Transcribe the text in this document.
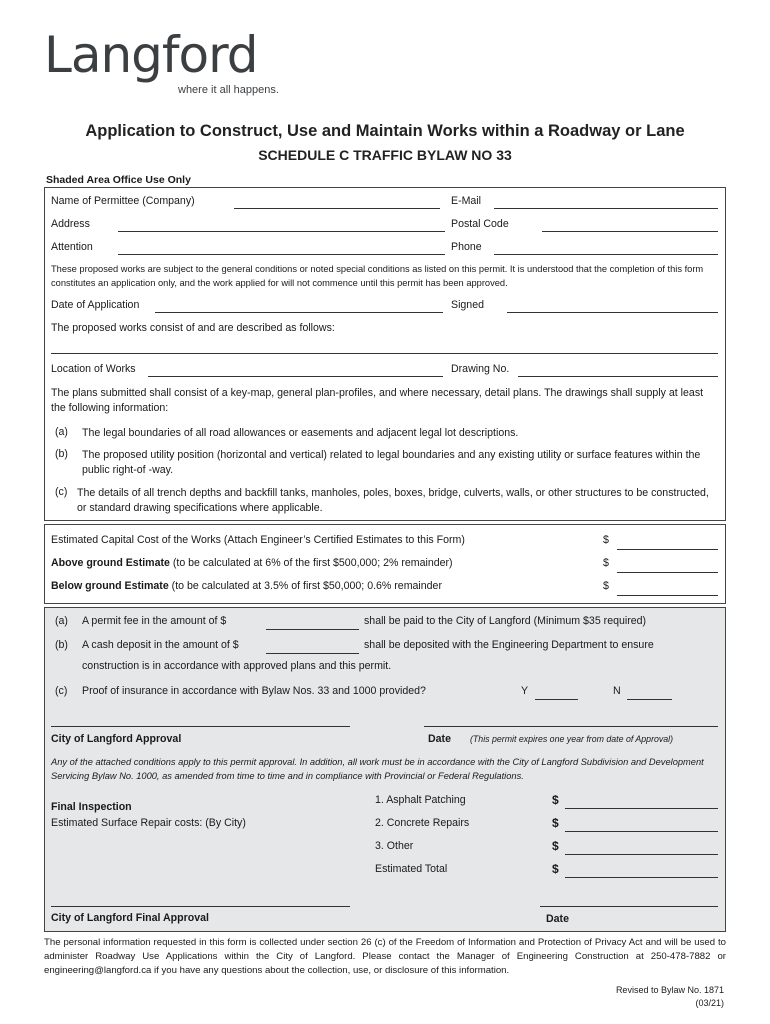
Langford
where it all happens.
Application to Construct, Use and Maintain Works within a Roadway or Lane
SCHEDULE C TRAFFIC BYLAW NO 33
Shaded Area Office Use Only
Name of Permittee (Company)	E-Mail
Address	Postal Code
Attention	Phone
These proposed works are subject to the general conditions or noted special conditions as listed on this permit. It is understood that the completion of this form constitutes an application only, and the work applied for will not commence until this permit has been approved.
Date of Application	Signed
The proposed works consist of and are described as follows:
Location of Works	Drawing No.
The plans submitted shall consist of a key-map, general plan-profiles, and where necessary, detail plans. The drawings shall supply at least the following information:
(a) The legal boundaries of all road allowances or easements and adjacent legal lot descriptions.
(b) The proposed utility position (horizontal and vertical) related to legal boundaries and any existing utility or surface features within the public right-of -way.
(c) The details of all trench depths and backfill tanks, manholes, poles, boxes, bridge, culverts, walls, or other structures to be constructed, or standard drawing specifications where applicable.
Estimated Capital Cost of the Works (Attach Engineer’s Certified Estimates to this Form)	$
Above ground Estimate (to be calculated at 6% of the first $500,000; 2% remainder)	$
Below ground Estimate (to be calculated at 3.5% of first $50,000; 0.6% remainder	$
(a) A permit fee in the amount of $	shall be paid to the City of Langford (Minimum $35 required)
(b) A cash deposit in the amount of $	shall be deposited with the Engineering Department to ensure
construction is in accordance with approved plans and this permit.
(c) Proof of insurance in accordance with Bylaw Nos. 33 and 1000 provided?	Y	N
City of Langford Approval	Date (This permit expires one year from date of Approval)
Any of the attached conditions apply to this permit approval. In addition, all work must be in accordance with the City of Langford Subdivision and Development Servicing Bylaw No. 1000, as amended from time to time and in compliance with Provincial or Federal Regulations.
Final Inspection
Estimated Surface Repair costs: (By City)
1. Asphalt Patching	$
2. Concrete Repairs	$
3. Other	$
Estimated Total	$
City of Langford Final Approval	Date
The personal information requested in this form is collected under section 26 (c) of the Freedom of Information and Protection of Privacy Act and will be used to administer Roadway Use Applications within the City of Langford. Please contact the Manager of Engineering Construction at 250-478-7882 or engineering@langford.ca if you have any questions about the collection, use, or disclosure of this information.
Revised to Bylaw No. 1871
(03/21)
